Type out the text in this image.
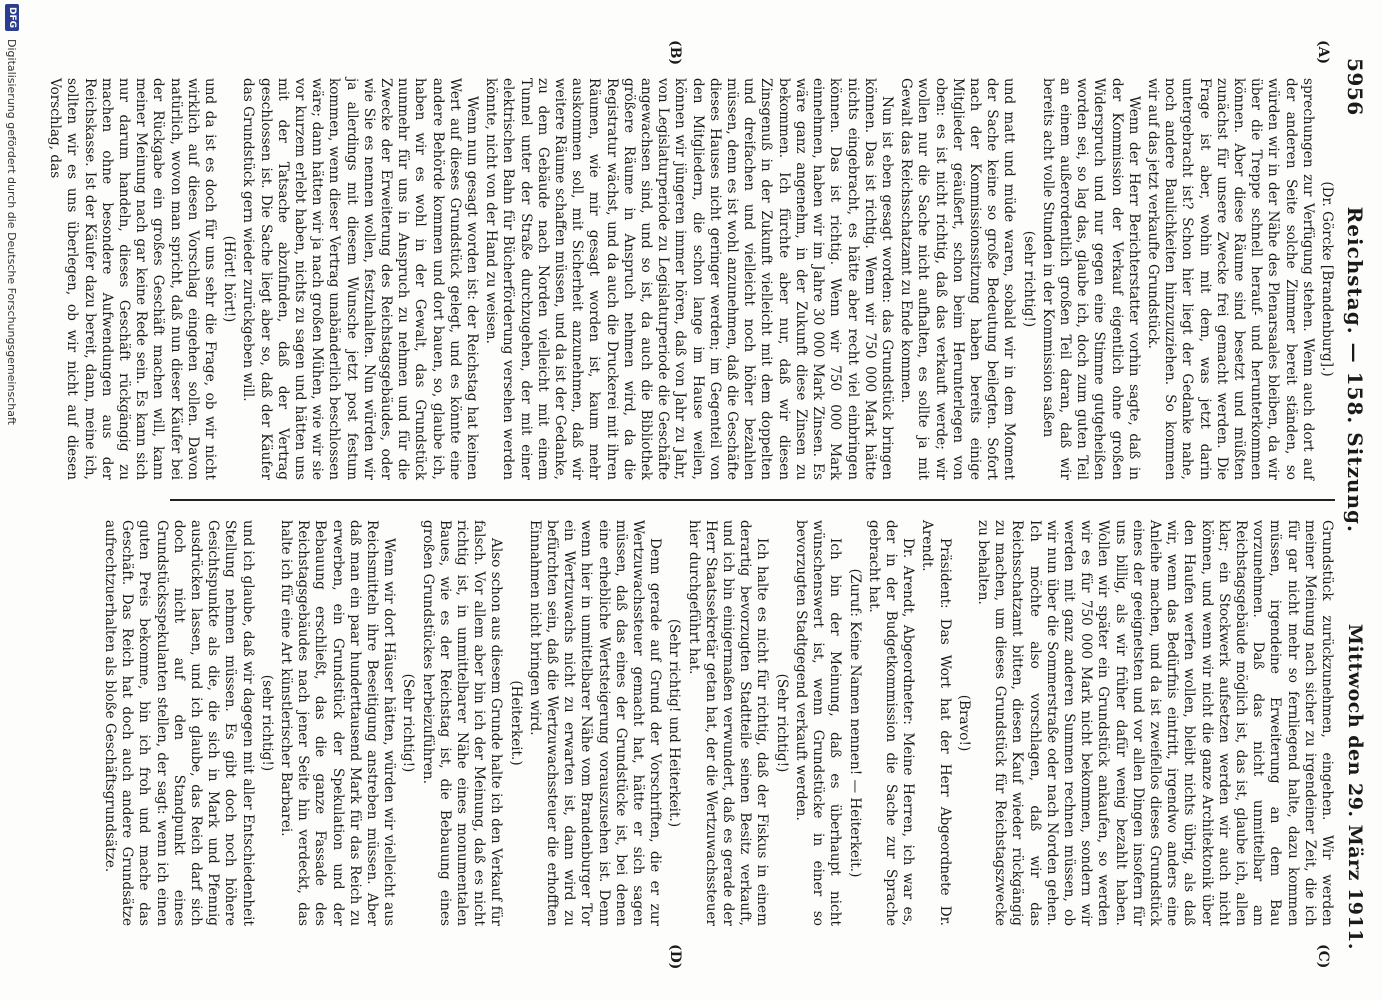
5956
Reichstag. — 158. Sitzung.
Mittwoch den 29. März 1911.
(A)
(B)
(C)
(D)

(Dr. Görcke [Brandenburg].)

sprechungen zur Verfügung stehen. Wenn auch dort auf der anderen Seite solche Zimmer bereit ständen, so würden wir in der Nähe des Plenarsaales bleiben, da wir über die Treppe schnell herauf- und herunterkommen können. Aber diese Räume sind besetzt und müßten zunächst für unsere Zwecke frei gemacht werden. Die Frage ist aber, wohin mit dem, was jetzt darin untergebracht ist? Schon hier liegt der Gedanke nahe, noch andere Baulichkeiten hinzuzuziehen. So kommen wir auf das jetzt verkaufte Grundstück.

Wenn der Herr Berichterstatter vorhin sagte, daß in der Kommission der Verkauf eigentlich ohne großen Widerspruch und nur gegen eine Stimme gutgeheißen worden sei, so lag das, glaube ich, doch zum guten Teil an einem außerordentlich großen Teil daran, daß wir bereits acht volle Stunden in der Kommission saßen

(sehr richtig!)

und matt und müde waren, sobald wir in dem Moment der Sache keine so große Bedeutung beilegten. Sofort nach der Kommissionssitzung haben bereits einige Mitglieder geäußert, schon beim Herunterlegen von oben: es ist nicht richtig, daß das verkauft werde; wir wollen nur die Sache nicht aufhalten, es sollte ja mit Gewalt das Reichsschatzamt zu Ende kommen.

Nun ist eben gesagt worden: das Grundstück bringen können. Das ist richtig. Wenn wir 750 000 Mark hätte nichts eingebracht, es hätte aber recht viel einbringen können. Das ist richtig. Wenn wir 750 000 Mark einnehmen, haben wir im Jahre 30 000 Mark Zinsen. Es wäre ganz angenehm, in der Zukunft diese Zinsen zu bekommen. Ich fürchte aber nur, daß wir diesen Zinsgenuß in der Zukunft vielleicht mit dem doppelten und dreifachen und vielleicht noch höher bezahlen müssen, denn es ist wohl anzunehmen, daß die Geschäfte dieses Hauses nicht geringer werden; im Gegenteil von den Mitgliedern, die schon lange im Hause weilen, können wir jüngeren immer hören, daß von Jahr zu Jahr, von Legislaturperiode zu Legislaturperiode die Geschäfte angewachsen sind, und so ist, da auch die Bibliothek größere Räume in Anspruch nehmen wird, da die Registratur wächst, und da auch die Druckerei mit ihren Räumen, wie mir gesagt worden ist, kaum mehr auskommen soll, mit Sicherheit anzunehmen, daß wir weitere Räume schaffen müssen, und da ist der Gedanke, zu dem Gebäude nach Norden vielleicht mit einem Tunnel unter der Straße durchzugehen, der mit einer elektrischen Bahn für Bücherförderung versehen werden könnte, nicht von der Hand zu weisen.

Wenn nun gesagt worden ist: der Reichstag hat keinen Wert auf dieses Grundstück gelegt, und es könnte eine andere Behörde kommen und dort bauen, so, glaube ich, haben wir es wohl in der Gewalt, das Grundstück nunmehr für uns in Anspruch zu nehmen und für die Zwecke der Erweiterung des Reichstagsgebäudes, oder wie Sie es nennen wollen, festzuhalten. Nun würden wir ja allerdings mit diesem Wunsche jetzt post festum kommen, wenn dieser Vertrag unabänderlich beschlossen wäre; dann hätten wir ja nach großen Mühen, wie wir sie vor kurzem erlebt haben, nichts zu sagen und hätten uns mit der Tatsache abzufinden, daß der Vertrag geschlossen ist. Die Sache liegt aber so, daß der Käufer das Grundstück gern wieder zurückgeben will.

(Hört! hört!)

und da ist es doch für uns sehr die Frage, ob wir nicht wirklich auf diesen Vorschlag eingehen sollen. Davon natürlich, wovon man spricht, daß nun dieser Käufer bei der Rückgabe ein großes Geschäft machen will, kann meiner Meinung nach gar keine Rede sein. Es kann sich nur darum handeln, dieses Geschäft rückgängig zu machen ohne besondere Aufwendungen aus der Reichskasse. Ist der Käufer dazu bereit, dann, meine ich, sollten wir es uns überlegen, ob wir nicht auf diesen Vorschlag, das

Grundstück zurückzunehmen, eingehen. Wir werden meiner Meinung nach sicher zu irgendeiner Zeit, die ich für gar nicht mehr so fernliegend halte, dazu kommen müssen, irgendeine Erweiterung an dem Bau vorzunehmen. Daß das nicht unmittelbar am Reichstagsgebäude möglich ist, das ist, glaube ich, allen klar; ein Stockwerk aufsetzen werden wir auch nicht können, und wenn wir nicht die ganze Architektonik über den Haufen werfen wollen, bleibt nichts übrig, als daß wir, wenn das Bedürfnis eintritt, irgendwo anders eine Anleihe machen, und da ist zweifellos dieses Grundstück eines der geeignetsten und vor allen Dingen insofern für uns billig, als wir früher dafür wenig bezahlt haben. Wollen wir später ein Grundstück ankaufen, so werden wir es für 750 000 Mark nicht bekommen, sondern wir werden mit ganz anderen Summen rechnen müssen, ob wir nun über die Sommerstraße oder nach Norden gehen. Ich möchte also vorschlagen, daß wir das Reichsschatzamt bitten, diesen Kauf wieder rückgängig zu machen, um dieses Grundstück für Reichstagszwecke zu behalten.

(Bravo!)

Präsident: Das Wort hat der Herr Abgeordnete Dr. Arendt.

Dr. Arendt, Abgeordneter: Meine Herren, ich war es, der in der Budgetkommission die Sache zur Sprache gebracht hat.

(Zuruf: Keine Namen nennen! — Heiterkeit.)

Ich bin der Meinung, daß es überhaupt nicht wünschenswert ist, wenn Grundstücke in einer so bevorzugten Stadtgegend verkauft werden.

(Sehr richtig!)

Ich halte es nicht für richtig, daß der Fiskus in einem derartig bevorzugten Stadtteile seinen Besitz verkauft, und ich bin einigermaßen verwundert, daß es gerade der Herr Staatssekretär getan hat, der die Wertzuwachssteuer hier durchgeführt hat.

(Sehr richtig! und Heiterkeit.)

Denn gerade auf Grund der Vorschriften, die er zur Wertzuwachssteuer gemacht hat, hätte er sich sagen müssen, daß das eines der Grundstücke ist, bei denen eine erhebliche Wertsteigerung vorauszusehen ist. Denn wenn hier in unmittelbarer Nähe vom Brandenburger Tor ein Wertzuwachs nicht zu erwarten ist, dann wird zu befürchten sein, daß die Wertzuwachssteuer die erhofften Einnahmen nicht bringen wird.

(Heiterkeit.)

Also schon aus diesem Grunde halte ich den Verkauf für falsch. Vor allem aber bin ich der Meinung, daß es nicht richtig ist, in unmittelbarer Nähe eines monumentalen Baues, wie es der Reichstag ist, die Bebauung eines großen Grundstückes herbeizuführen.

(Sehr richtig!)

Wenn wir dort Häuser hätten, würden wir vielleicht aus Reichsmitteln ihre Beseitigung anstreben müssen. Aber daß man ein paar hunderttausend Mark für das Reich zu erwerben, ein Grundstück der Spekulation und der Bebauung erschließt, das die ganze Fassade des Reichstagsgebäudes nach jener Seite hin verdeckt, das halte ich für eine Art künstlerischer Barbarei.

(sehr richtig!)

und ich glaube, daß wir dagegen mit aller Entschiedenheit Stellung nehmen müssen. Es gibt doch noch höhere Gesichtspunkte als die, die sich in Mark und Pfennig ausdrücken lassen, und ich glaube, das Reich darf sich doch nicht auf den Standpunkt eines Grundstücksspekulanten stellen, der sagt: wenn ich einen guten Preis bekomme, bin ich froh und mache das Geschäft. Das Reich hat doch auch andere Grundsätze aufrechtzuerhalten als bloße Geschäftsgrundsätze.

DFG
Digitalisierung gefördert durch die Deutsche Forschungsgemeinschaft
